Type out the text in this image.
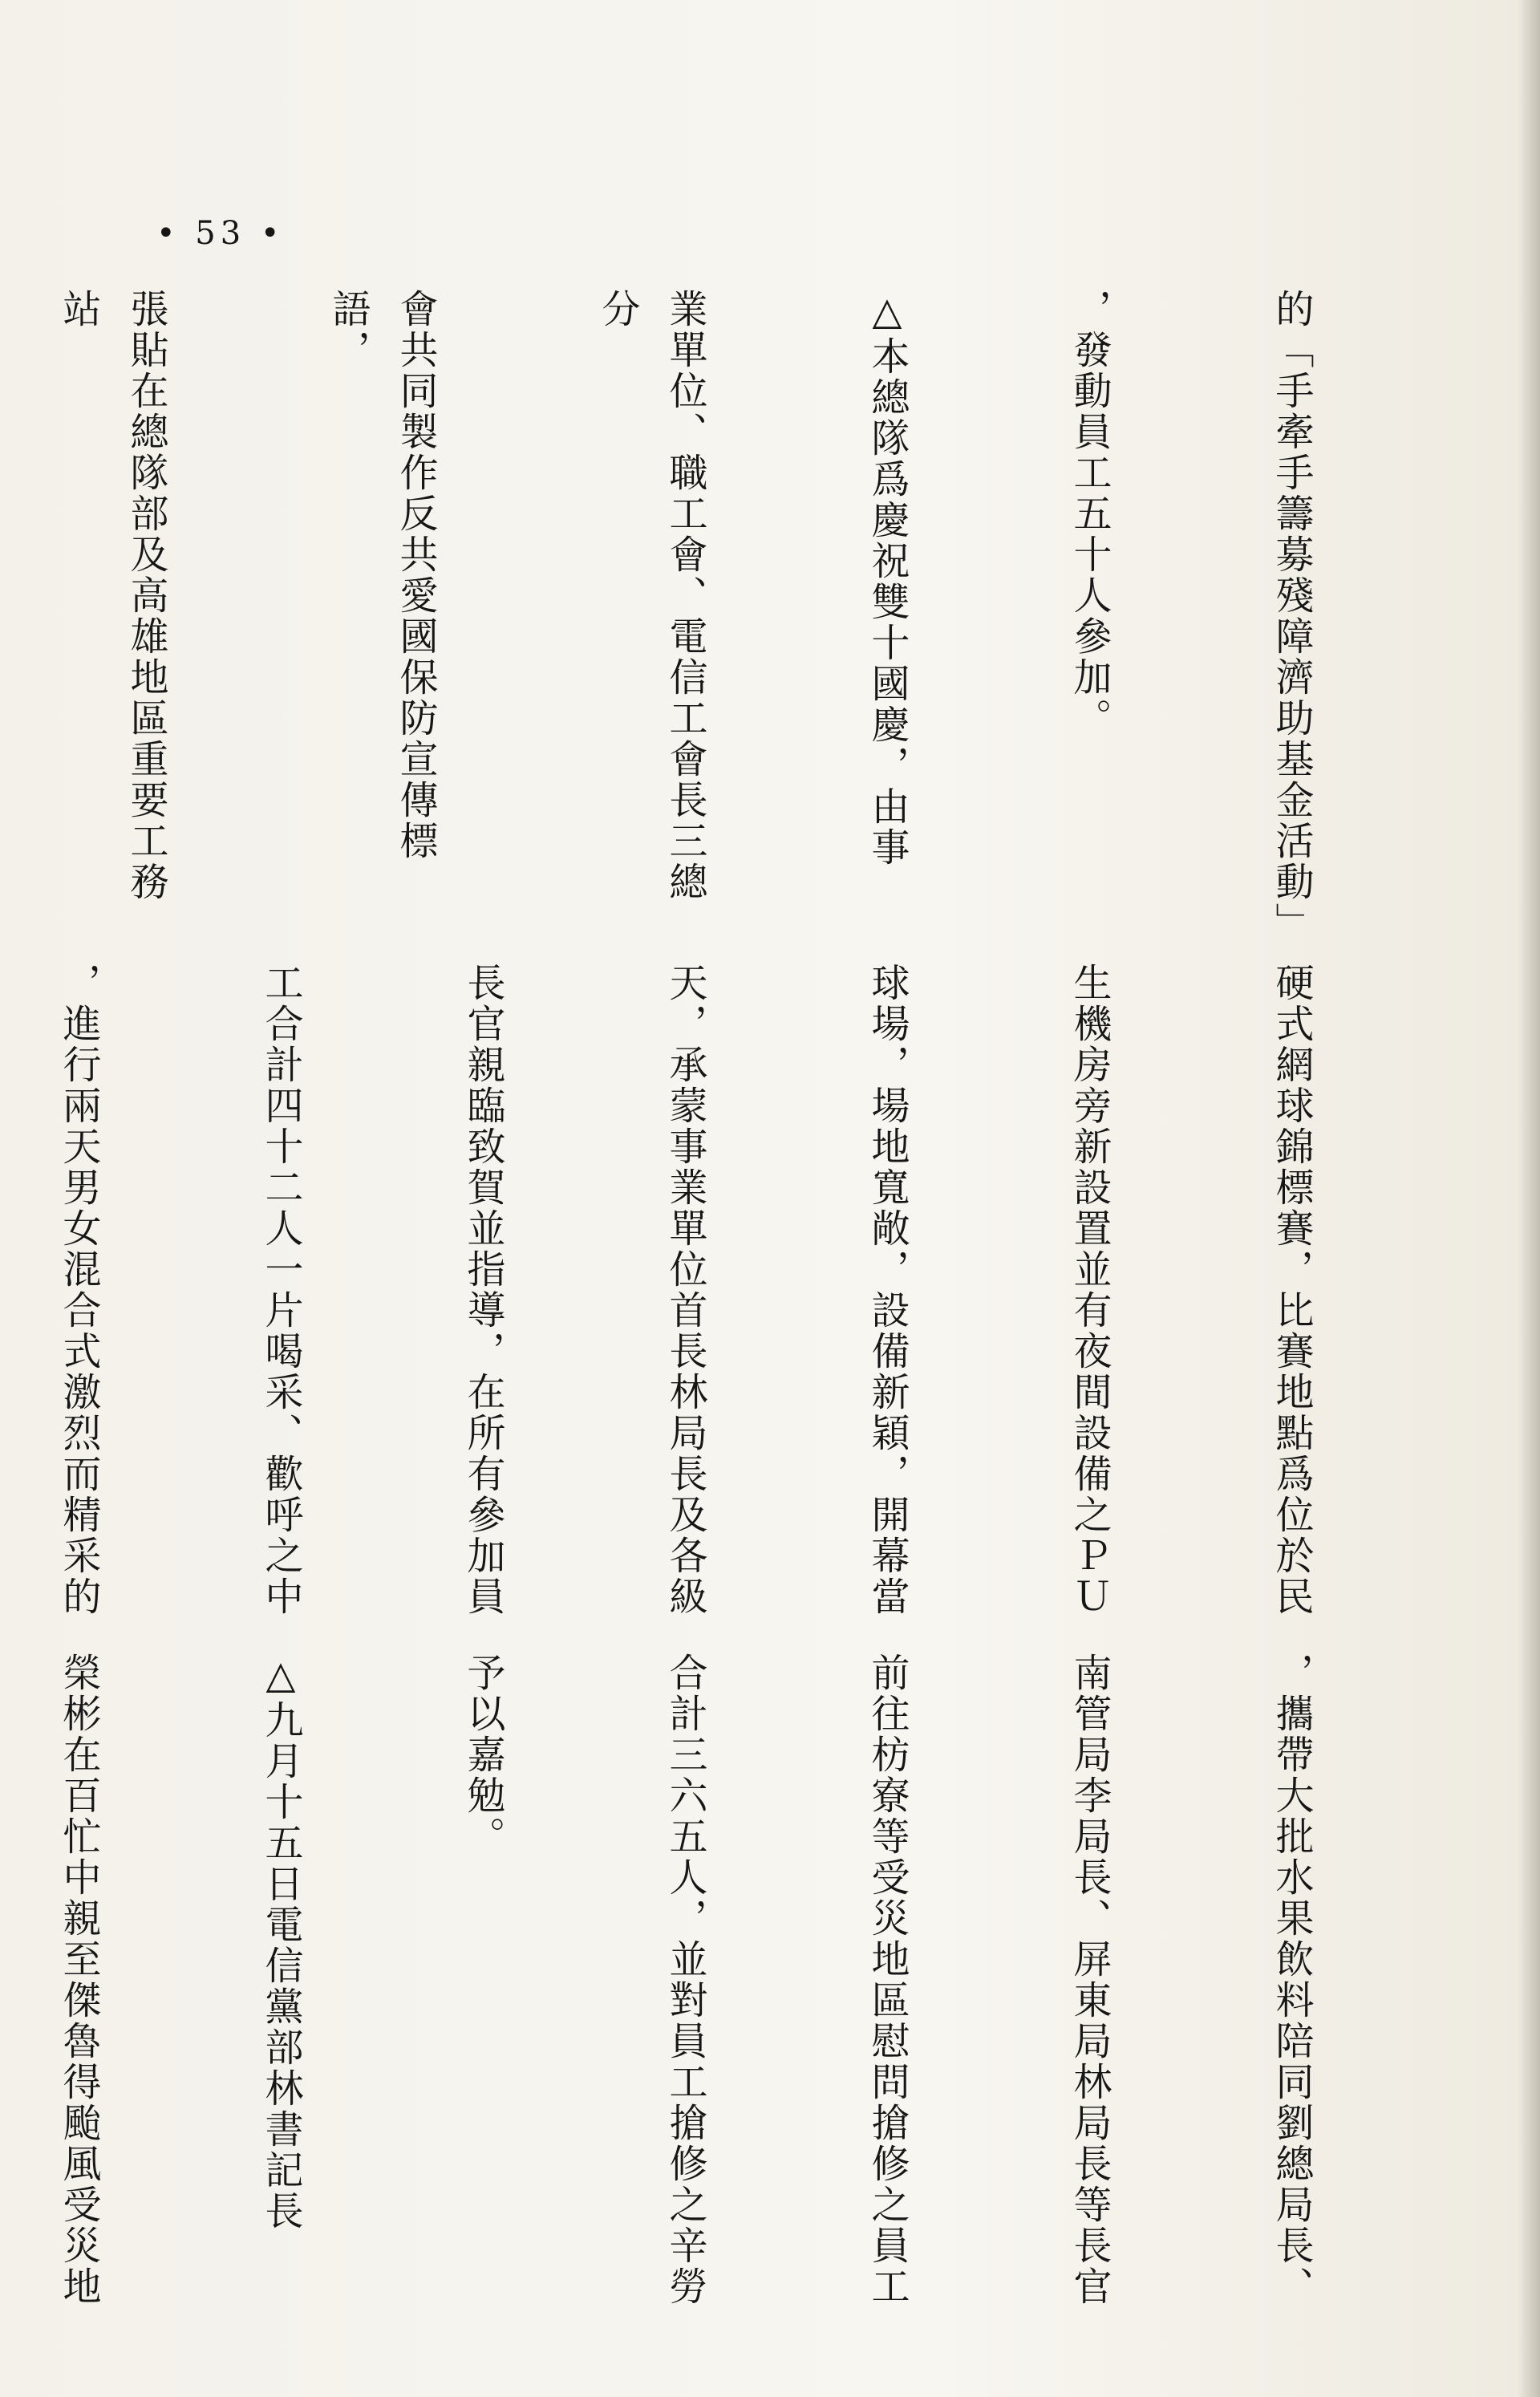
• 53 •

的「手牽手籌募殘障濟助基金活動」

，發動員工五十人參加。

△本總隊爲慶祝雙十國慶，由事

業單位、職工會、電信工會長三總分

會共同製作反共愛國保防宣傳標語，

張貼在總隊部及高雄地區重要工務站

硬式網球錦標賽，比賽地點爲位於民

生機房旁新設置並有夜間設備之ＰＵ

球場，場地寬敞，設備新穎，開幕當

天，承蒙事業單位首長林局長及各級

長官親臨致賀並指導，在所有參加員

工合計四十二人一片喝采、歡呼之中

，進行兩天男女混合式激烈而精采的

，攜帶大批水果飲料陪同劉總局長、

南管局李局長、屏東局林局長等長官

前往枋寮等受災地區慰問搶修之員工

合計三六五人，並對員工搶修之辛勞

予以嘉勉。

△九月十五日電信黨部林書記長

榮彬在百忙中親至傑魯得颱風受災地
